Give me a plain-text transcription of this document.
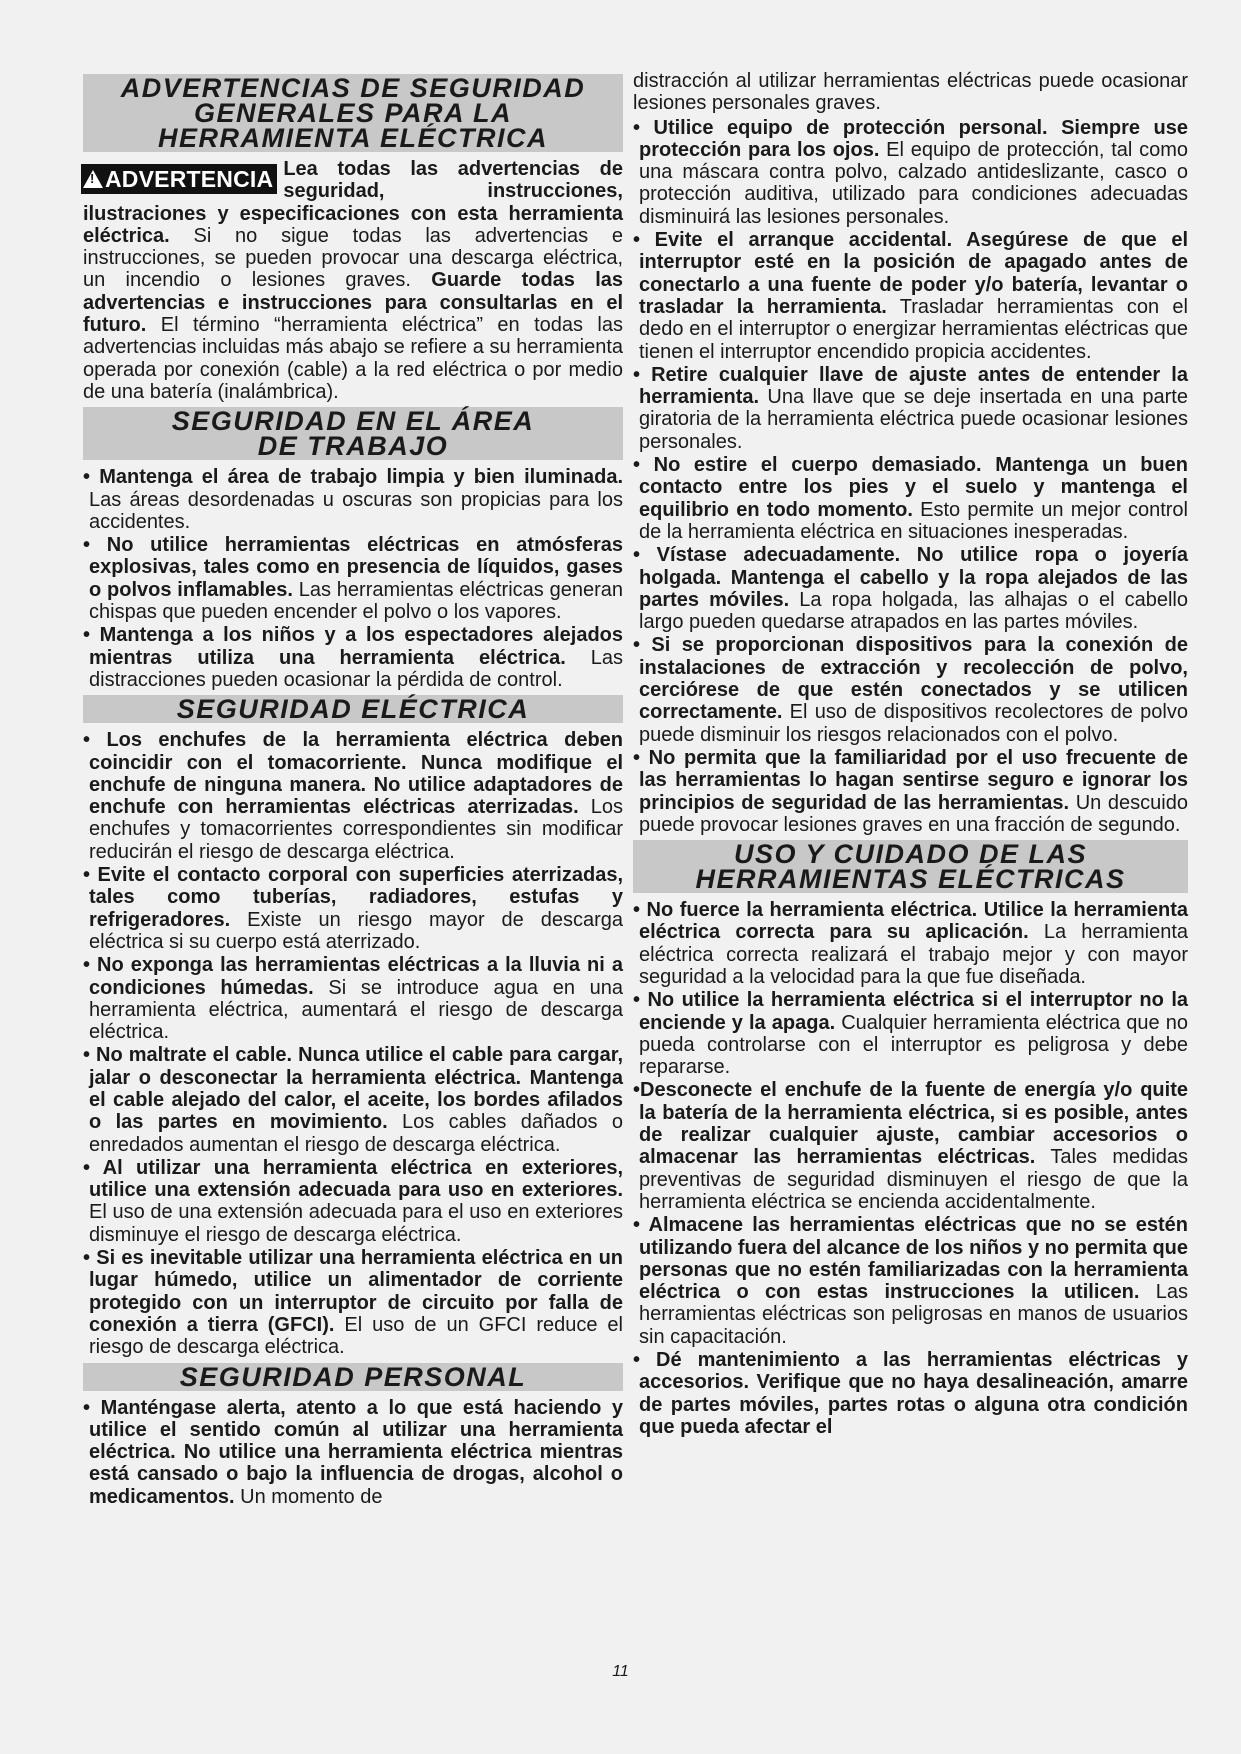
ADVERTENCIAS DE SEGURIDAD
GENERALES PARA LA
HERRAMIENTA ELÉCTRICA
!ADVERTENCIA Lea todas las advertencias de seguridad, instrucciones, ilustraciones y especificaciones con esta herramienta eléctrica. Si no sigue todas las advertencias e instrucciones, se pueden provocar una descarga eléctrica, un incendio o lesiones graves. Guarde todas las advertencias e instrucciones para consultarlas en el futuro. El término “herramienta eléctrica” en todas las advertencias incluidas más abajo se refiere a su herramienta operada por conexión (cable) a la red eléctrica o por medio de una batería (inalámbrica).
SEGURIDAD EN EL ÁREA
DE TRABAJO
• Mantenga el área de trabajo limpia y bien iluminada. Las áreas desordenadas u oscuras son propicias para los accidentes.
• No utilice herramientas eléctricas en atmósferas explosivas, tales como en presencia de líquidos, gases o polvos inflamables. Las herramientas eléctricas generan chispas que pueden encender el polvo o los vapores.
• Mantenga a los niños y a los espectadores alejados mientras utiliza una herramienta eléctrica. Las distracciones pueden ocasionar la pérdida de control.
SEGURIDAD ELÉCTRICA
• Los enchufes de la herramienta eléctrica deben coincidir con el tomacorriente. Nunca modifique el enchufe de ninguna manera. No utilice adaptadores de enchufe con herramientas eléctricas aterrizadas. Los enchufes y tomacorrientes correspondientes sin modificar reducirán el riesgo de descarga eléctrica.
• Evite el contacto corporal con superficies aterrizadas, tales como tuberías, radiadores, estufas y refrigeradores. Existe un riesgo mayor de descarga eléctrica si su cuerpo está aterrizado.
• No exponga las herramientas eléctricas a la lluvia ni a condiciones húmedas. Si se introduce agua en una herramienta eléctrica, aumentará el riesgo de descarga eléctrica.
• No maltrate el cable. Nunca utilice el cable para cargar, jalar o desconectar la herramienta eléctrica. Mantenga el cable alejado del calor, el aceite, los bordes afilados o las partes en movimiento. Los cables dañados o enredados aumentan el riesgo de descarga eléctrica.
• Al utilizar una herramienta eléctrica en exteriores, utilice una extensión adecuada para uso en exteriores. El uso de una extensión adecuada para el uso en exteriores disminuye el riesgo de descarga eléctrica.
• Si es inevitable utilizar una herramienta eléctrica en un lugar húmedo, utilice un alimentador de corriente protegido con un interruptor de circuito por falla de conexión a tierra (GFCI). El uso de un GFCI reduce el riesgo de descarga eléctrica.
SEGURIDAD PERSONAL
• Manténgase alerta, atento a lo que está haciendo y utilice el sentido común al utilizar una herramienta eléctrica. No utilice una herramienta eléctrica mientras está cansado o bajo la influencia de drogas, alcohol o medicamentos. Un momento de
distracción al utilizar herramientas eléctricas puede ocasionar lesiones personales graves.
• Utilice equipo de protección personal. Siempre use protección para los ojos. El equipo de protección, tal como una máscara contra polvo, calzado antideslizante, casco o protección auditiva, utilizado para condiciones adecuadas disminuirá las lesiones personales.
• Evite el arranque accidental. Asegúrese de que el interruptor esté en la posición de apagado antes de conectarlo a una fuente de poder y/o batería, levantar o trasladar la herramienta. Trasladar herramientas con el dedo en el interruptor o energizar herramientas eléctricas que tienen el interruptor encendido propicia accidentes.
• Retire cualquier llave de ajuste antes de entender la herramienta. Una llave que se deje insertada en una parte giratoria de la herramienta eléctrica puede ocasionar lesiones personales.
• No estire el cuerpo demasiado. Mantenga un buen contacto entre los pies y el suelo y mantenga el equilibrio en todo momento. Esto permite un mejor control de la herramienta eléctrica en situaciones inesperadas.
• Vístase adecuadamente. No utilice ropa o joyería holgada. Mantenga el cabello y la ropa alejados de las partes móviles. La ropa holgada, las alhajas o el cabello largo pueden quedarse atrapados en las partes móviles.
• Si se proporcionan dispositivos para la conexión de instalaciones de extracción y recolección de polvo, cerciórese de que estén conectados y se utilicen correctamente. El uso de dispositivos recolectores de polvo puede disminuir los riesgos relacionados con el polvo.
• No permita que la familiaridad por el uso frecuente de las herramientas lo hagan sentirse seguro e ignorar los principios de seguridad de las herramientas. Un descuido puede provocar lesiones graves en una fracción de segundo.
USO Y CUIDADO DE LAS
HERRAMIENTAS ELÉCTRICAS
• No fuerce la herramienta eléctrica. Utilice la herramienta eléctrica correcta para su aplicación. La herramienta eléctrica correcta realizará el trabajo mejor y con mayor seguridad a la velocidad para la que fue diseñada.
• No utilice la herramienta eléctrica si el interruptor no la enciende y la apaga. Cualquier herramienta eléctrica que no pueda controlarse con el interruptor es peligrosa y debe repararse.
•Desconecte el enchufe de la fuente de energía y/o quite la batería de la herramienta eléctrica, si es posible, antes de realizar cualquier ajuste, cambiar accesorios o almacenar las herramientas eléctricas. Tales medidas preventivas de seguridad disminuyen el riesgo de que la herramienta eléctrica se encienda accidentalmente.
• Almacene las herramientas eléctricas que no se estén utilizando fuera del alcance de los niños y no permita que personas que no estén familiarizadas con la herramienta eléctrica o con estas instrucciones la utilicen. Las herramientas eléctricas son peligrosas en manos de usuarios sin capacitación.
• Dé mantenimiento a las herramientas eléctricas y accesorios. Verifique que no haya desalineación, amarre de partes móviles, partes rotas o alguna otra condición que pueda afectar el
11
